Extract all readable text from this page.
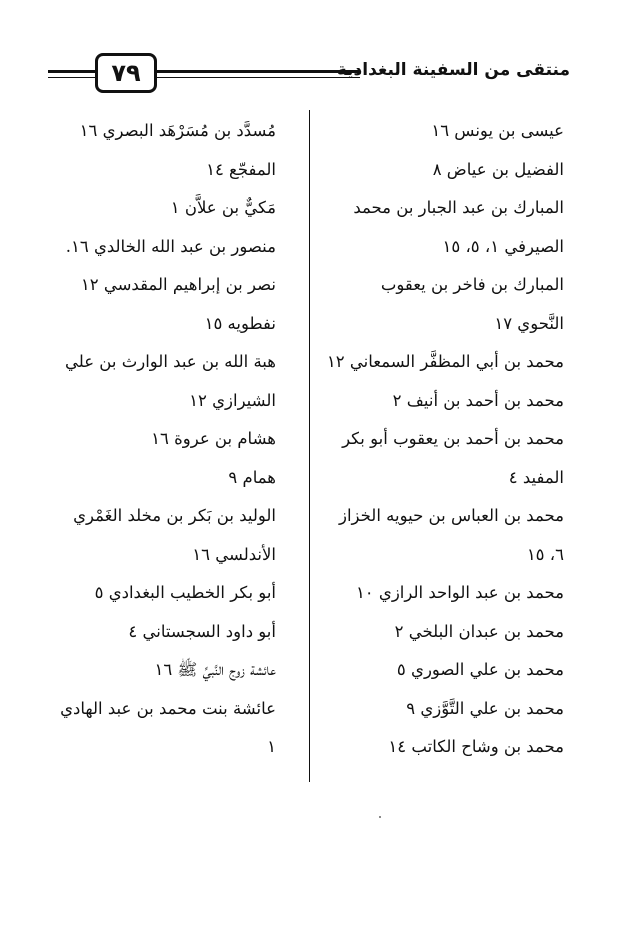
٧٩	منتقى من السفينة البغدادية
عيسى بن يونس ١٦
الفضيل بن عياض ٨
المبارك بن عبد الجبار بن محمد
الصيرفي ١، ٥، ١٥
المبارك بن فاخر بن يعقوب
النَّحوي ١٧
محمد بن أبي المظفَّر السمعاني ١٢
محمد بن أحمد بن أنيف ٢
محمد بن أحمد بن يعقوب أبو بكر
المفيد ٤
محمد بن العباس بن حيويه الخزاز
٦، ١٥
محمد بن عبد الواحد الرازي ١٠
محمد بن عبدان البلخي ٢
محمد بن علي الصوري ٥
محمد بن علي التَّوَّزي ٩
محمد بن وشاح الكاتب ١٤
مُسدَّد بن مُسَرْهَد البصري ١٦
المفجّع ١٤
مَكيٌّ بن علاَّن ١
منصور بن عبد الله الخالدي ١٦.
نصر بن إبراهيم المقدسي ١٢
نفطويه ١٥
هبة الله بن عبد الوارث بن علي
الشيرازي ١٢
هشام بن عروة ١٦
همام ٩
الوليد بن بَكر بن مخلد الغَمْري
الأندلسي ١٦
أبو بكر الخطيب البغدادي ٥
أبو داود السجستاني ٤
عائشة زوج النَّبيِّ ﷺ ١٦
عائشة بنت محمد بن عبد الهادي
١
